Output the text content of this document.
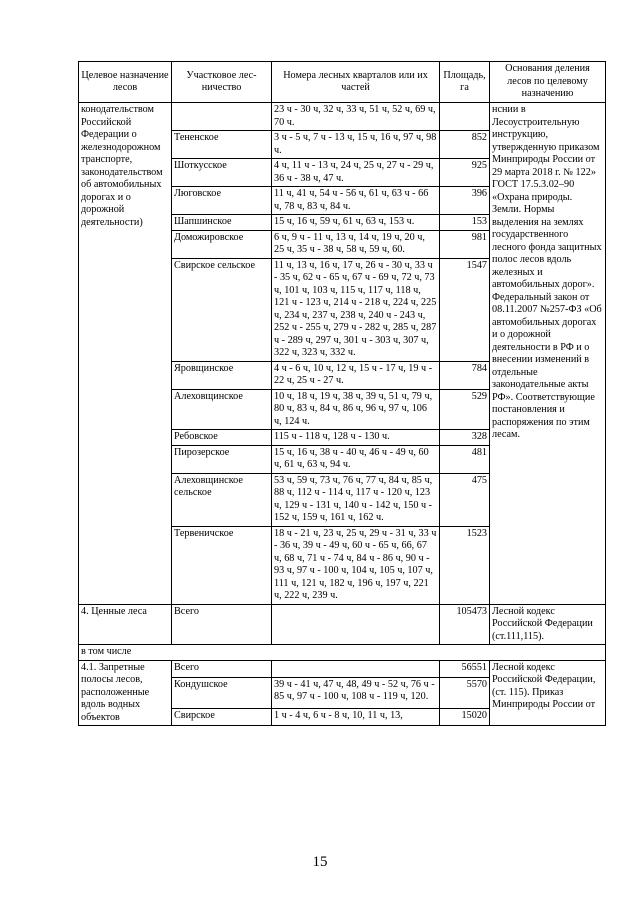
Целевое назначение лесов	Участковое лес-ничество	Номера лесных кварталов или их частей	Площадь, га	Основания деления лесов по целевому назначению
конодательством Российской Федерации о железнодорожном транспорте, законодательством об автомобильных дорогах и о дорожной деятельности)		23 ч - 30 ч, 32 ч, 33 ч, 51 ч, 52 ч, 69 ч, 70 ч.		нснии в Лесоустроительную инструкцию, утвержденную приказом Минприроды России от 29 марта 2018 г. № 122» ГОСТ 17.5.3.02–90 «Охрана природы. Земли. Нормы выделения на землях государственного лесного фонда защитных полос лесов вдоль железных и автомобильных дорог». Федеральный закон от 08.11.2007 №257-ФЗ «Об автомобильных дорогах и о дорожной деятельности в РФ и о внесении изменений в отдельные законодательные акты РФ». Соответствующие постановления и распоряжения по этим лесам.
	Тененское	3 ч - 5 ч, 7 ч - 13 ч, 15 ч, 16 ч, 97 ч, 98 ч.	852	
	Шоткусское	4 ч, 11 ч - 13 ч, 24 ч, 25 ч, 27 ч - 29 ч, 36 ч - 38 ч, 47 ч.	925	
	Люговское	11 ч, 41 ч, 54 ч - 56 ч, 61 ч, 63 ч - 66 ч, 78 ч, 83 ч, 84 ч.	396	
	Шапшинское	15 ч, 16 ч, 59 ч, 61 ч, 63 ч, 153 ч.	153	
	Доможировское	6 ч, 9 ч - 11 ч, 13 ч, 14 ч, 19 ч, 20 ч, 25 ч, 35 ч - 38 ч, 58 ч, 59 ч, 60.	981	
	Свирское сельское	11 ч, 13 ч, 16 ч, 17 ч, 26 ч - 30 ч, 33 ч - 35 ч, 62 ч - 65 ч, 67 ч - 69 ч, 72 ч, 73 ч, 101 ч, 103 ч, 115 ч, 117 ч, 118 ч, 121 ч - 123 ч, 214 ч - 218 ч, 224 ч, 225 ч, 234 ч, 237 ч, 238 ч, 240 ч - 243 ч, 252 ч - 255 ч, 279 ч - 282 ч, 285 ч, 287 ч - 289 ч, 297 ч, 301 ч - 303 ч, 307 ч, 322 ч, 323 ч, 332 ч.	1547	
	Яровщинское	4 ч - 6 ч, 10 ч, 12 ч, 15 ч - 17 ч, 19 ч - 22 ч, 25 ч - 27 ч.	784	
	Алеховщинское	10 ч, 18 ч, 19 ч, 38 ч, 39 ч, 51 ч, 79 ч, 80 ч, 83 ч, 84 ч, 86 ч, 96 ч, 97 ч, 106 ч, 124 ч.	529	
	Ребовское	115 ч - 118 ч, 128 ч - 130 ч.	328	
	Пирозерское	15 ч, 16 ч, 38 ч - 40 ч, 46 ч - 49 ч, 60 ч, 61 ч, 63 ч, 94 ч.	481	
	Алеховщинское сельское	53 ч, 59 ч, 73 ч, 76 ч, 77 ч, 84 ч, 85 ч, 88 ч, 112 ч - 114 ч, 117 ч - 120 ч, 123 ч, 129 ч - 131 ч, 140 ч - 142 ч, 150 ч - 152 ч, 159 ч, 161 ч, 162 ч.	475	
	Тервеничское	18 ч - 21 ч, 23 ч, 25 ч, 29 ч - 31 ч, 33 ч - 36 ч, 39 ч - 49 ч, 60 ч - 65 ч, 66, 67 ч, 68 ч, 71 ч - 74 ч, 84 ч - 86 ч, 90 ч - 93 ч, 97 ч - 100 ч, 104 ч, 105 ч, 107 ч, 111 ч, 121 ч, 182 ч, 196 ч, 197 ч, 221 ч, 222 ч, 239 ч.	1523	
4. Ценные леса	Всего		105473	Лесной кодекс Российской Федерации (ст.111,115).
в том числе				
4.1. Запретные полосы лесов, расположенные вдоль водных объектов	Всего		56551	Лесной кодекс Российской Федерации, (ст. 115). Приказ Минприроды России от
	Кондушское	39 ч - 41 ч, 47 ч, 48, 49 ч - 52 ч, 76 ч - 85 ч, 97 ч - 100 ч, 108 ч - 119 ч, 120.	5570	
	Свирское	1 ч - 4 ч, 6 ч - 8 ч, 10, 11 ч, 13,	15020	
15
